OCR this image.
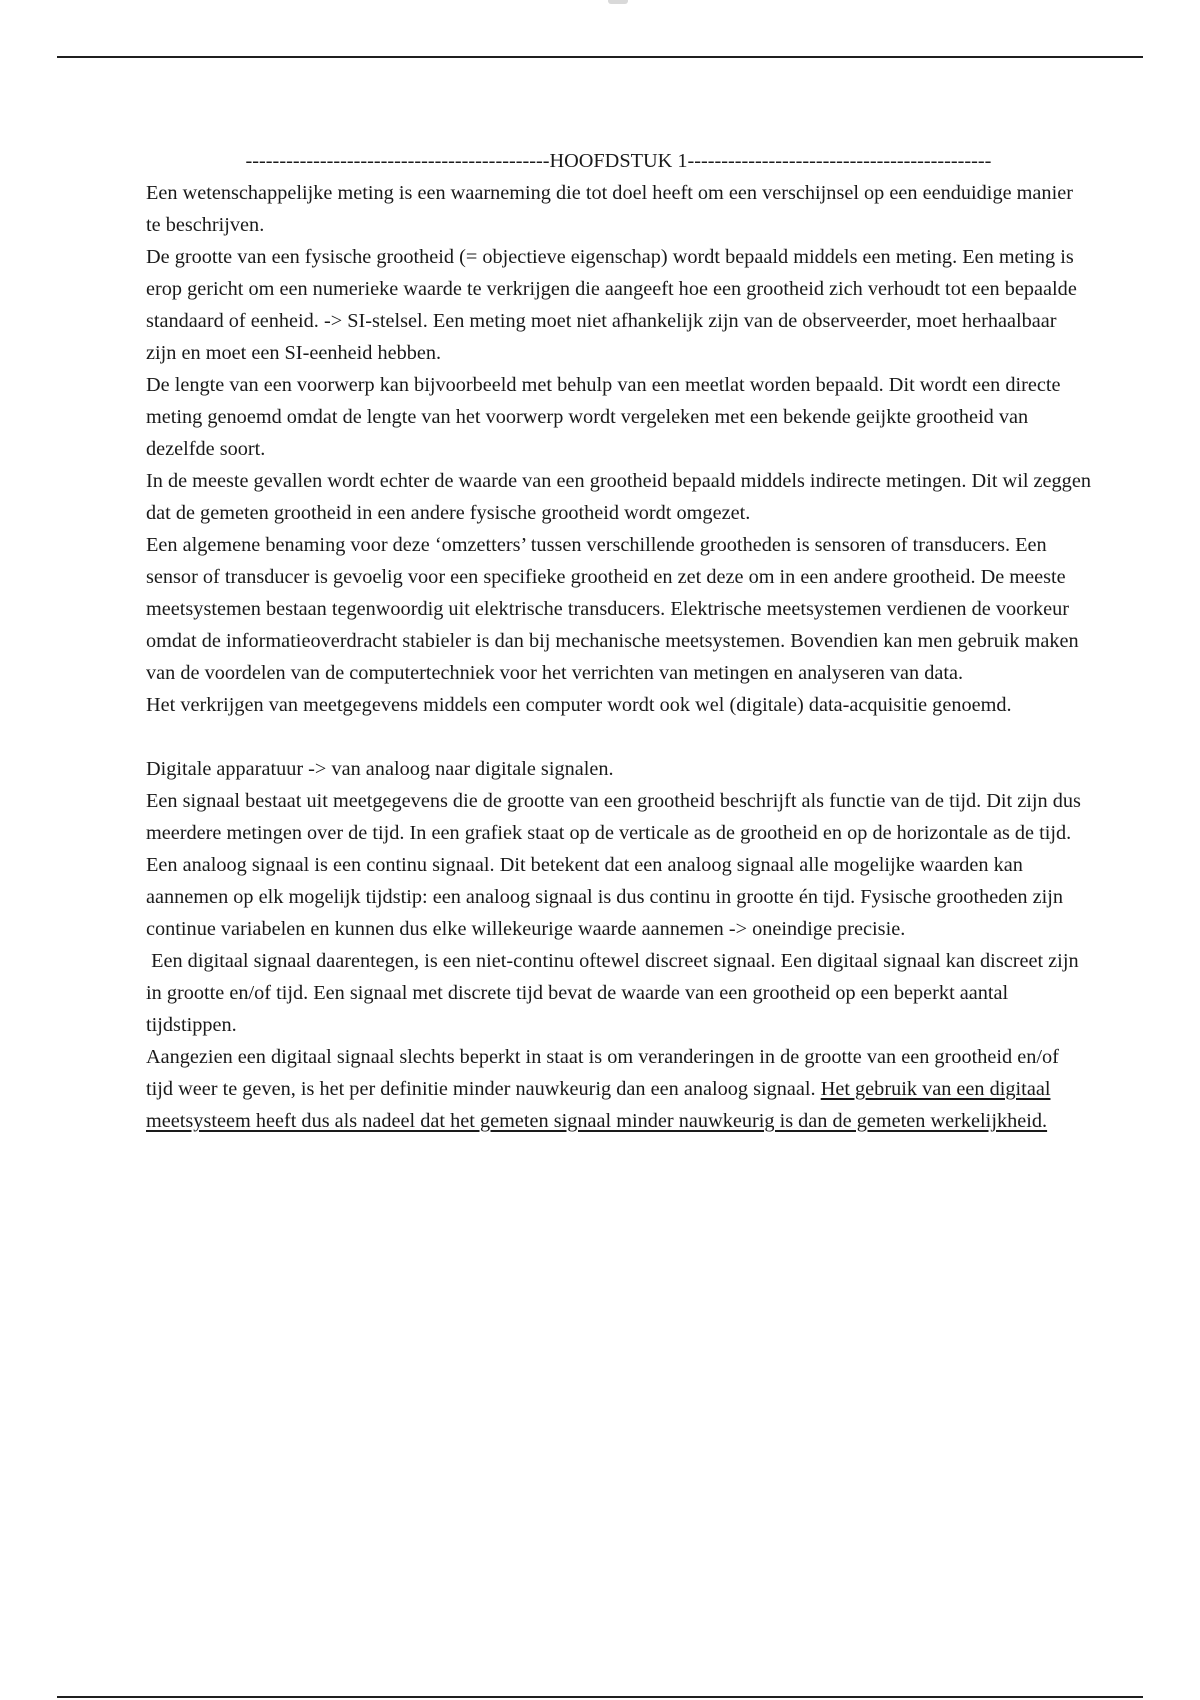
---------------------------------------------HOOFDSTUK 1---------------------------------------------

Een wetenschappelijke meting is een waarneming die tot doel heeft om een verschijnsel op een eenduidige manier te beschrijven.

De grootte van een fysische grootheid (= objectieve eigenschap) wordt bepaald middels een meting. Een meting is erop gericht om een numerieke waarde te verkrijgen die aangeeft hoe een grootheid zich verhoudt tot een bepaalde standaard of eenheid. -> SI-stelsel. Een meting moet niet afhankelijk zijn van de observeerder, moet herhaalbaar zijn en moet een SI-eenheid hebben.

De lengte van een voorwerp kan bijvoorbeeld met behulp van een meetlat worden bepaald. Dit wordt een directe meting genoemd omdat de lengte van het voorwerp wordt vergeleken met een bekende geijkte grootheid van dezelfde soort.

In de meeste gevallen wordt echter de waarde van een grootheid bepaald middels indirecte metingen. Dit wil zeggen dat de gemeten grootheid in een andere fysische grootheid wordt omgezet.

Een algemene benaming voor deze ‘omzetters’ tussen verschillende grootheden is sensoren of transducers. Een sensor of transducer is gevoelig voor een specifieke grootheid en zet deze om in een andere grootheid. De meeste meetsystemen bestaan tegenwoordig uit elektrische transducers. Elektrische meetsystemen verdienen de voorkeur omdat de informatieoverdracht stabieler is dan bij mechanische meetsystemen. Bovendien kan men gebruik maken van de voordelen van de computertechniek voor het verrichten van metingen en analyseren van data.

Het verkrijgen van meetgegevens middels een computer wordt ook wel (digitale) data-acquisitie genoemd.

Digitale apparatuur -> van analoog naar digitale signalen.

Een signaal bestaat uit meetgegevens die de grootte van een grootheid beschrijft als functie van de tijd. Dit zijn dus meerdere metingen over de tijd. In een grafiek staat op de verticale as de grootheid en op de horizontale as de tijd.

Een analoog signaal is een continu signaal. Dit betekent dat een analoog signaal alle mogelijke waarden kan aannemen op elk mogelijk tijdstip: een analoog signaal is dus continu in grootte én tijd. Fysische grootheden zijn continue variabelen en kunnen dus elke willekeurige waarde aannemen -> oneindige precisie.

Een digitaal signaal daarentegen, is een niet-continu oftewel discreet signaal. Een digitaal signaal kan discreet zijn in grootte en/of tijd. Een signaal met discrete tijd bevat de waarde van een grootheid op een beperkt aantal tijdstippen.

Aangezien een digitaal signaal slechts beperkt in staat is om veranderingen in de grootte van een grootheid en/of tijd weer te geven, is het per definitie minder nauwkeurig dan een analoog signaal. Het gebruik van een digitaal meetsysteem heeft dus als nadeel dat het gemeten signaal minder nauwkeurig is dan de gemeten werkelijkheid.
